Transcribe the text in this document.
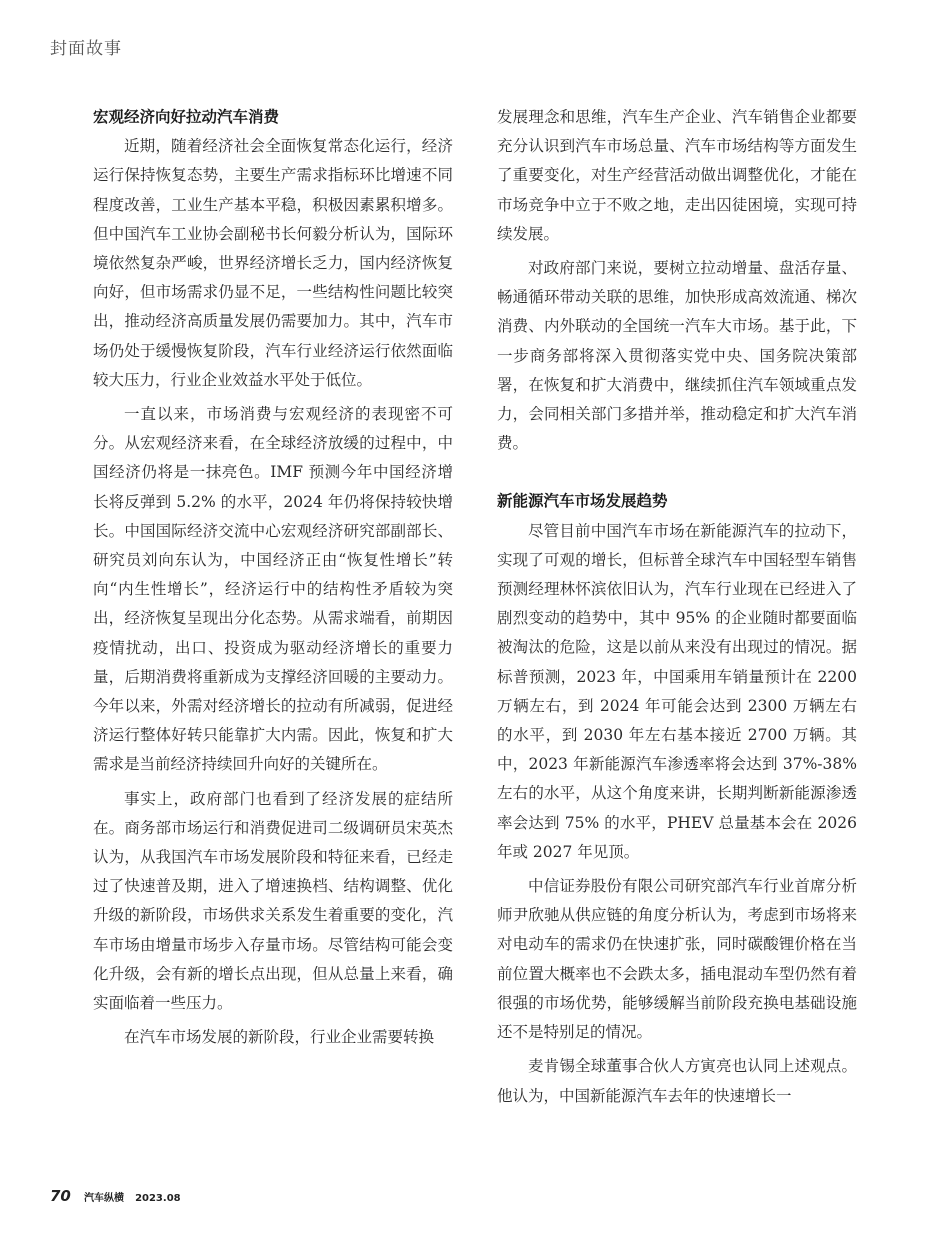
封面故事
宏观经济向好拉动汽车消费

近期，随着经济社会全面恢复常态化运行，经济运行保持恢复态势，主要生产需求指标环比增速不同程度改善，工业生产基本平稳，积极因素累积增多。但中国汽车工业协会副秘书长何毅分析认为，国际环境依然复杂严峻，世界经济增长乏力，国内经济恢复向好，但市场需求仍显不足，一些结构性问题比较突出，推动经济高质量发展仍需要加力。其中，汽车市场仍处于缓慢恢复阶段，汽车行业经济运行依然面临较大压力，行业企业效益水平处于低位。

一直以来，市场消费与宏观经济的表现密不可分。从宏观经济来看，在全球经济放缓的过程中，中国经济仍将是一抹亮色。IMF 预测今年中国经济增长将反弹到 5.2% 的水平，2024 年仍将保持较快增长。中国国际经济交流中心宏观经济研究部副部长、研究员刘向东认为，中国经济正由“恢复性增长”转向“内生性增长”，经济运行中的结构性矛盾较为突出，经济恢复呈现出分化态势。从需求端看，前期因疫情扰动，出口、投资成为驱动经济增长的重要力量，后期消费将重新成为支撑经济回暖的主要动力。今年以来，外需对经济增长的拉动有所减弱，促进经济运行整体好转只能靠扩大内需。因此，恢复和扩大需求是当前经济持续回升向好的关键所在。

事实上，政府部门也看到了经济发展的症结所在。商务部市场运行和消费促进司二级调研员宋英杰认为，从我国汽车市场发展阶段和特征来看，已经走过了快速普及期，进入了增速换档、结构调整、优化升级的新阶段，市场供求关系发生着重要的变化，汽车市场由增量市场步入存量市场。尽管结构可能会变化升级，会有新的增长点出现，但从总量上来看，确实面临着一些压力。

在汽车市场发展的新阶段，行业企业需要转换

发展理念和思维，汽车生产企业、汽车销售企业都要充分认识到汽车市场总量、汽车市场结构等方面发生了重要变化，对生产经营活动做出调整优化，才能在市场竞争中立于不败之地，走出囚徒困境，实现可持续发展。

对政府部门来说，要树立拉动增量、盘活存量、畅通循环带动关联的思维，加快形成高效流通、梯次消费、内外联动的全国统一汽车大市场。基于此，下一步商务部将深入贯彻落实党中央、国务院决策部署，在恢复和扩大消费中，继续抓住汽车领域重点发力，会同相关部门多措并举，推动稳定和扩大汽车消费。

新能源汽车市场发展趋势

尽管目前中国汽车市场在新能源汽车的拉动下，实现了可观的增长，但标普全球汽车中国轻型车销售预测经理林怀滨依旧认为，汽车行业现在已经进入了剧烈变动的趋势中，其中 95% 的企业随时都要面临被淘汰的危险，这是以前从来没有出现过的情况。据标普预测，2023 年，中国乘用车销量预计在 2200 万辆左右，到 2024 年可能会达到 2300 万辆左右的水平，到 2030 年左右基本接近 2700 万辆。其中，2023 年新能源汽车渗透率将会达到 37%-38% 左右的水平，从这个角度来讲，长期判断新能源渗透率会达到 75% 的水平，PHEV 总量基本会在 2026 年或 2027 年见顶。

中信证券股份有限公司研究部汽车行业首席分析师尹欣驰从供应链的角度分析认为，考虑到市场将来对电动车的需求仍在快速扩张，同时碳酸锂价格在当前位置大概率也不会跌太多，插电混动车型仍然有着很强的市场优势，能够缓解当前阶段充换电基础设施还不是特别足的情况。

麦肯锡全球董事合伙人方寅亮也认同上述观点。他认为，中国新能源汽车去年的快速增长一

70 汽车纵横 2023.08
